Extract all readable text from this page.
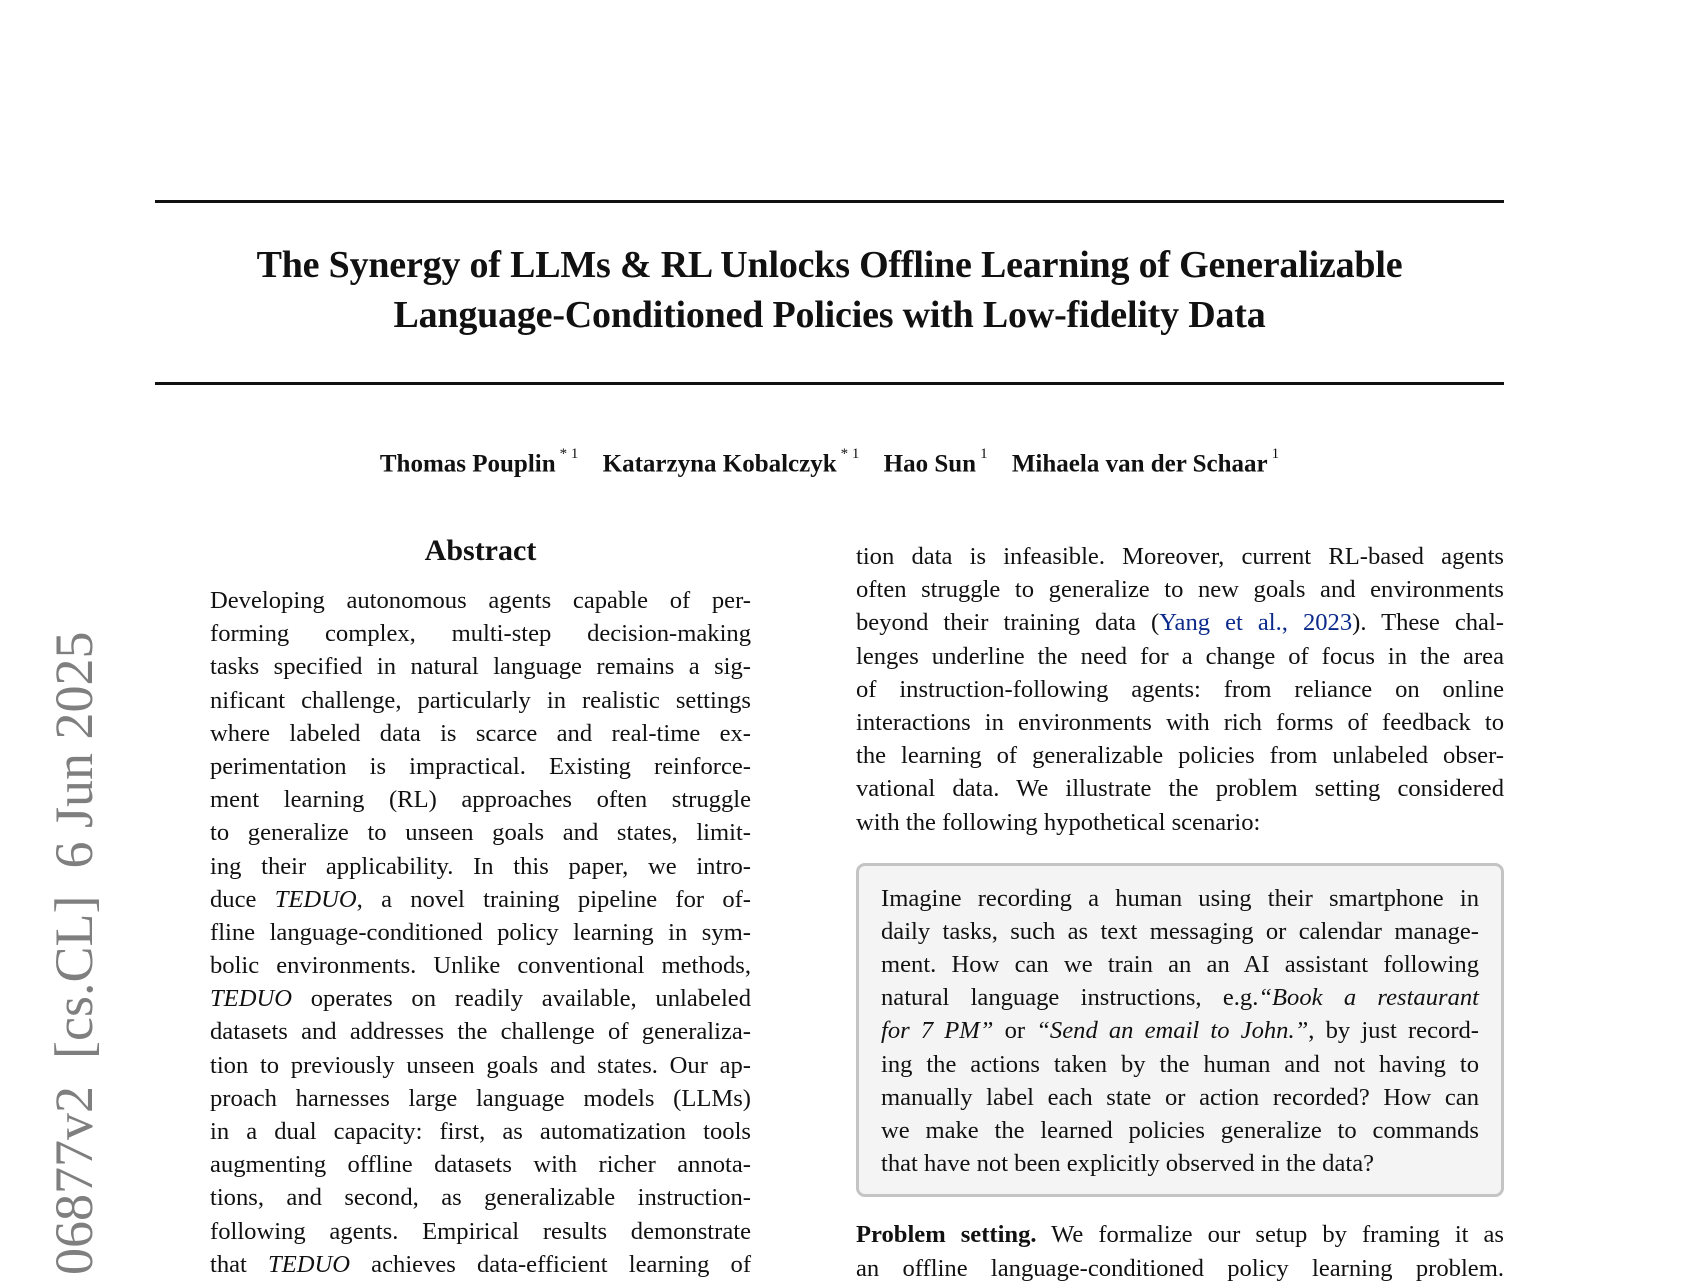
06877v2  [cs.CL]  6 Jun 2025
The Synergy of LLMs & RL Unlocks Offline Learning of Generalizable
Language-Conditioned Policies with Low-fidelity Data
Thomas Pouplin $^{* 1}$ Katarzyna Kobalczyk $^{* 1}$ Hao Sun $^1$ Mihaela van der Schaar $^1$
Abstract
Developing autonomous agents capable of per-
forming complex, multi-step decision-making
tasks specified in natural language remains a sig-
nificant challenge, particularly in realistic settings
where labeled data is scarce and real-time ex-
perimentation is impractical. Existing reinforce-
ment learning (RL) approaches often struggle
to generalize to unseen goals and states, limit-
ing their applicability. In this paper, we intro-
duce TEDUO, a novel training pipeline for of-
fline language-conditioned policy learning in sym-
bolic environments. Unlike conventional methods,
TEDUO operates on readily available, unlabeled
datasets and addresses the challenge of generaliza-
tion to previously unseen goals and states. Our ap-
proach harnesses large language models (LLMs)
in a dual capacity: first, as automatization tools
augmenting offline datasets with richer annota-
tions, and second, as generalizable instruction-
following agents. Empirical results demonstrate
that TEDUO achieves data-efficient learning of
tion data is infeasible. Moreover, current RL-based agents
often struggle to generalize to new goals and environments
beyond their training data (Yang et al., 2023). These chal-
lenges underline the need for a change of focus in the area
of instruction-following agents: from reliance on online
interactions in environments with rich forms of feedback to
the learning of generalizable policies from unlabeled obser-
vational data. We illustrate the problem setting considered
with the following hypothetical scenario:
Imagine recording a human using their smartphone in
daily tasks, such as text messaging or calendar manage-
ment. How can we train an an AI assistant following
natural language instructions, e.g.“Book a restaurant
for 7 PM” or “Send an email to John.”, by just record-
ing the actions taken by the human and not having to
manually label each state or action recorded? How can
we make the learned policies generalize to commands
that have not been explicitly observed in the data?
Problem setting. We formalize our setup by framing it as
an offline language-conditioned policy learning problem.
